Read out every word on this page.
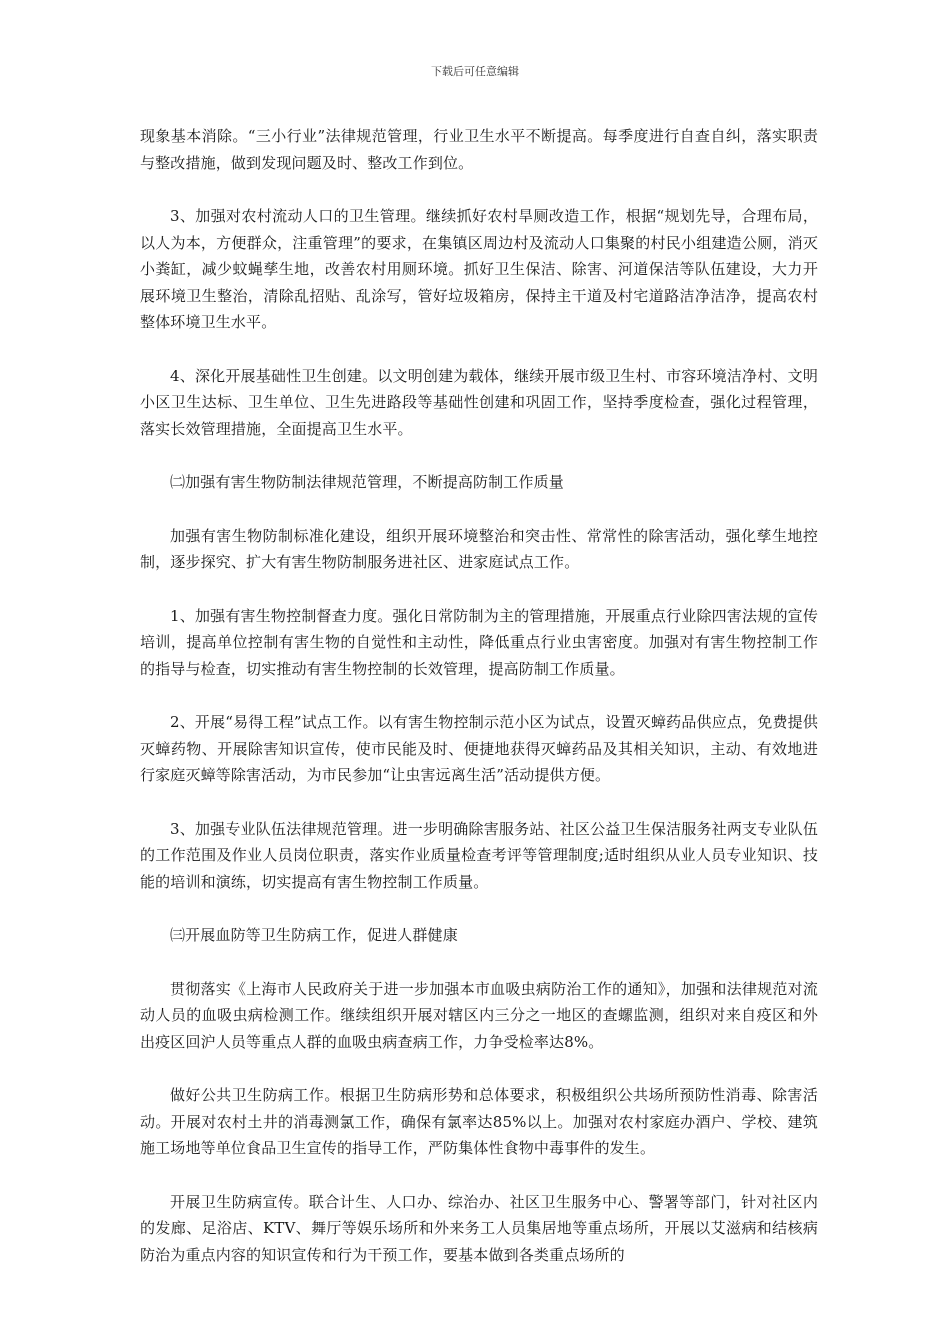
下载后可任意编辑

现象基本消除。“三小行业”法律规范管理，行业卫生水平不断提高。每季度进行自查自纠，落实职责与整改措施，做到发现问题及时、整改工作到位。

3、加强对农村流动人口的卫生管理。继续抓好农村旱厕改造工作，根据“规划先导，合理布局，以人为本，方便群众，注重管理”的要求，在集镇区周边村及流动人口集聚的村民小组建造公厕，消灭小粪缸，减少蚊蝇孳生地，改善农村用厕环境。抓好卫生保洁、除害、河道保洁等队伍建设，大力开展环境卫生整治，清除乱招贴、乱涂写，管好垃圾箱房，保持主干道及村宅道路洁净洁净，提高农村整体环境卫生水平。

4、深化开展基础性卫生创建。以文明创建为载体，继续开展市级卫生村、市容环境洁净村、文明小区卫生达标、卫生单位、卫生先进路段等基础性创建和巩固工作，坚持季度检查，强化过程管理，落实长效管理措施，全面提高卫生水平。

㈡加强有害生物防制法律规范管理，不断提高防制工作质量

加强有害生物防制标准化建设，组织开展环境整治和突击性、常常性的除害活动，强化孳生地控制，逐步探究、扩大有害生物防制服务进社区、进家庭试点工作。

1、加强有害生物控制督查力度。强化日常防制为主的管理措施，开展重点行业除四害法规的宣传培训，提高单位控制有害生物的自觉性和主动性，降低重点行业虫害密度。加强对有害生物控制工作的指导与检查，切实推动有害生物控制的长效管理，提高防制工作质量。

2、开展“易得工程”试点工作。以有害生物控制示范小区为试点，设置灭蟑药品供应点，免费提供灭蟑药物、开展除害知识宣传，使市民能及时、便捷地获得灭蟑药品及其相关知识，主动、有效地进行家庭灭蟑等除害活动，为市民参加“让虫害远离生活”活动提供方便。

3、加强专业队伍法律规范管理。进一步明确除害服务站、社区公益卫生保洁服务社两支专业队伍的工作范围及作业人员岗位职责，落实作业质量检查考评等管理制度;适时组织从业人员专业知识、技能的培训和演练，切实提高有害生物控制工作质量。

㈢开展血防等卫生防病工作，促进人群健康

贯彻落实《上海市人民政府关于进一步加强本市血吸虫病防治工作的通知》，加强和法律规范对流动人员的血吸虫病检测工作。继续组织开展对辖区内三分之一地区的查螺监测，组织对来自疫区和外出疫区回沪人员等重点人群的血吸虫病查病工作，力争受检率达8%。

做好公共卫生防病工作。根据卫生防病形势和总体要求，积极组织公共场所预防性消毒、除害活动。开展对农村土井的消毒测氯工作，确保有氯率达85%以上。加强对农村家庭办酒户、学校、建筑施工场地等单位食品卫生宣传的指导工作，严防集体性食物中毒事件的发生。

开展卫生防病宣传。联合计生、人口办、综治办、社区卫生服务中心、警署等部门，针对社区内的发廊、足浴店、KTV、舞厅等娱乐场所和外来务工人员集居地等重点场所，开展以艾滋病和结核病防治为重点内容的知识宣传和行为干预工作，要基本做到各类重点场所的
